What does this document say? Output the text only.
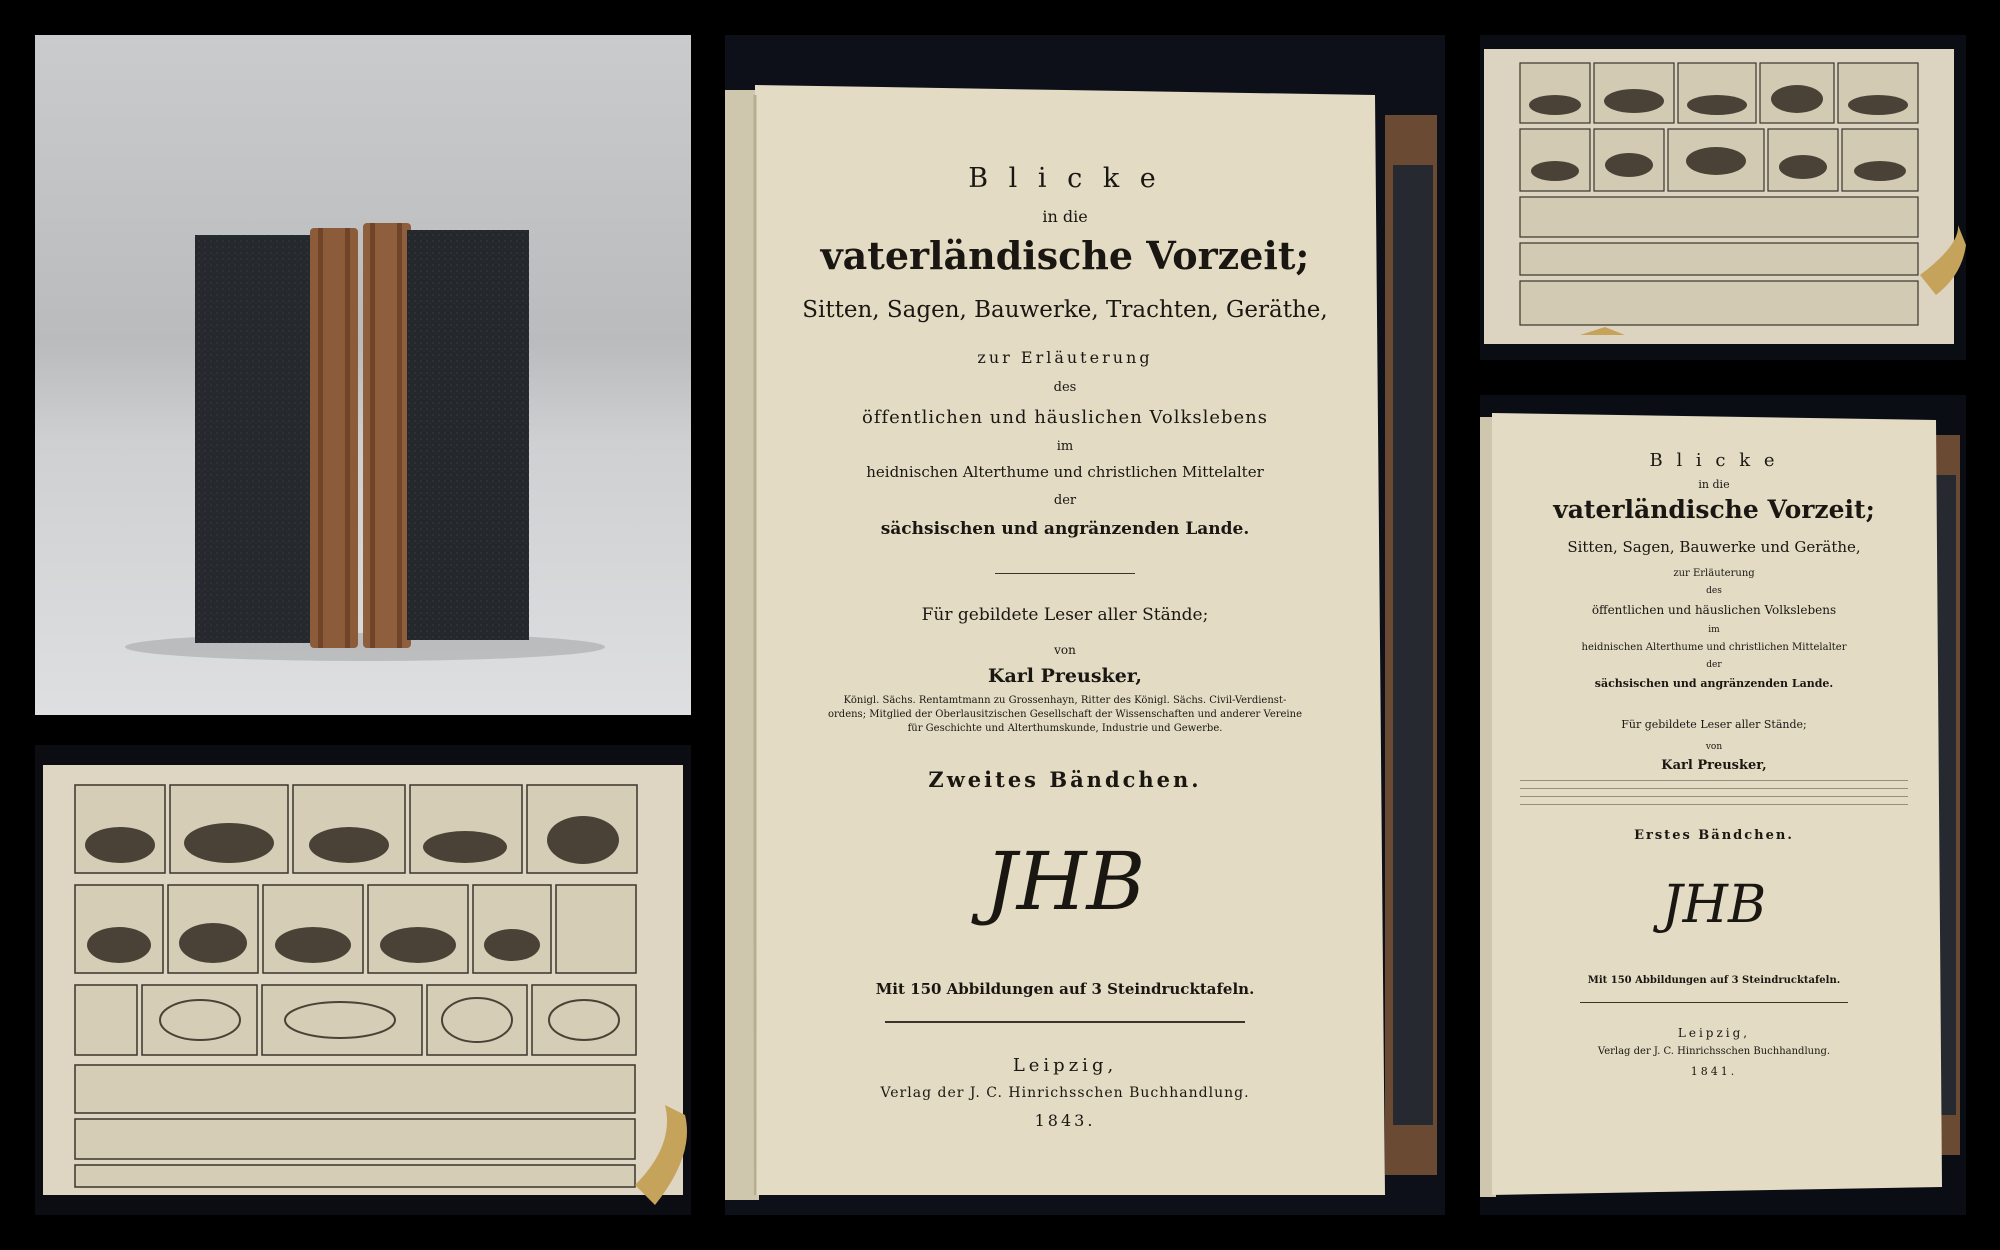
B l i c k e
in die
vaterländische Vorzeit;
Sitten, Sagen, Bauwerke, Trachten, Geräthe,
zur Erläuterung
des
öffentlichen und häuslichen Volkslebens
im
heidnischen Alterthume und christlichen Mittelalter
der
sächsischen und angränzenden Lande.
Für gebildete Leser aller Stände;
von
Karl Preusker,
Königl. Sächs. Rentamtmann zu Grossenhayn, Ritter des Königl. Sächs. Civil-Verdienst-
ordens; Mitglied der Oberlausitzischen Gesellschaft der Wissenschaften und anderer Vereine
für Geschichte und Alterthumskunde, Industrie und Gewerbe.
Zweites Bändchen.
JHB
Mit 150 Abbildungen auf 3 Steindrucktafeln.
Leipzig,
Verlag der J. C. Hinrichsschen Buchhandlung.
1843.
B l i c k e
in die
vaterländische Vorzeit;
Sitten, Sagen, Bauwerke und Geräthe,
zur Erläuterung
des
öffentlichen und häuslichen Volkslebens
im
heidnischen Alterthume und christlichen Mittelalter
der
sächsischen und angränzenden Lande.
Für gebildete Leser aller Stände;
von
Karl Preusker,
Erstes Bändchen.
JHB
Mit 150 Abbildungen auf 3 Steindrucktafeln.
Leipzig,
Verlag der J. C. Hinrichsschen Buchhandlung.
1841.
